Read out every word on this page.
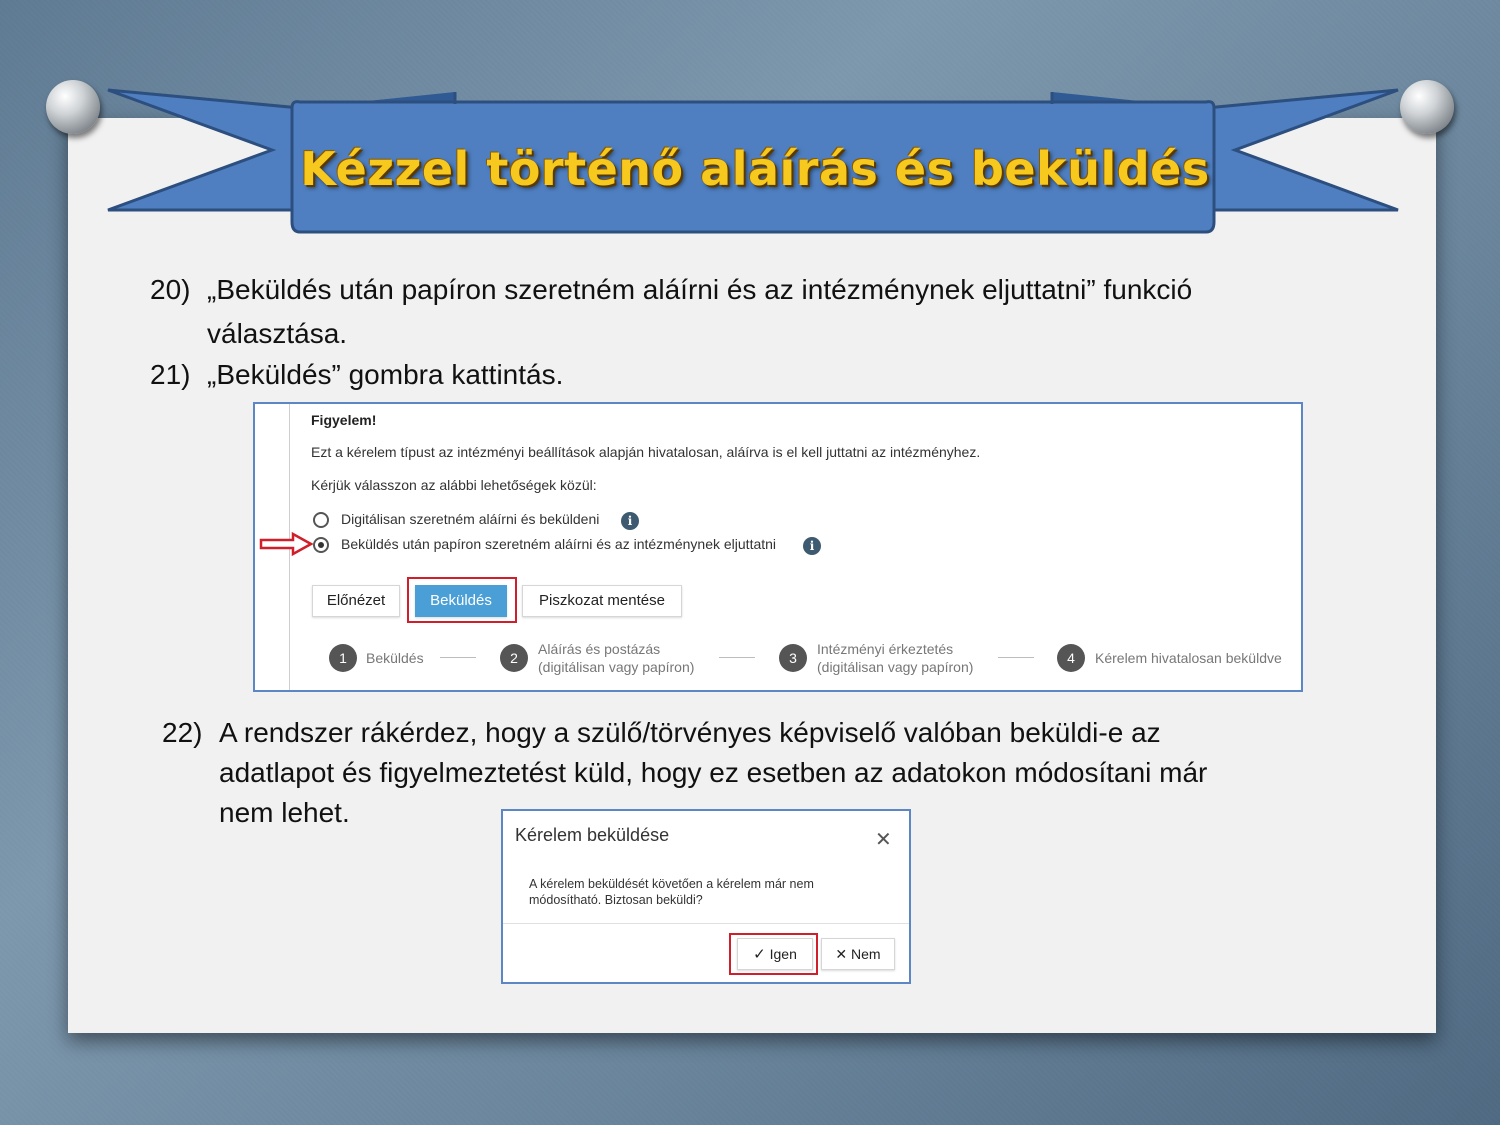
Kézzel történő aláírás és beküldés
20) „Beküldés után papíron szeretném aláírni és az intézménynek eljuttatni” funkció
választása.
21) „Beküldés” gombra kattintás.
Figyelem!
Ezt a kérelem típust az intézményi beállítások alapján hivatalosan, aláírva is el kell juttatni az intézményhez.
Kérjük válasszon az alábbi lehetőségek közül:
Digitálisan szeretném aláírni és beküldeni	i
Beküldés után papíron szeretném aláírni és az intézménynek eljuttatni	i
Előnézet	Beküldés	Piszkozat mentése
1	Beküldés	2
Aláírás és postázás
(digitálisan vagy papíron)
3
Intézményi érkeztetés
(digitálisan vagy papíron)
4	Kérelem hivatalosan beküldve
22) A rendszer rákérdez, hogy a szülő/törvényes képviselő valóban beküldi-e az
adatlapot és figyelmeztetést küld, hogy ez esetben az adatokon módosítani már
nem lehet.
Kérelem beküldése	✕
A kérelem beküldését követően a kérelem már nem
módosítható. Biztosan beküldi?
✓ Igen	✕ Nem
